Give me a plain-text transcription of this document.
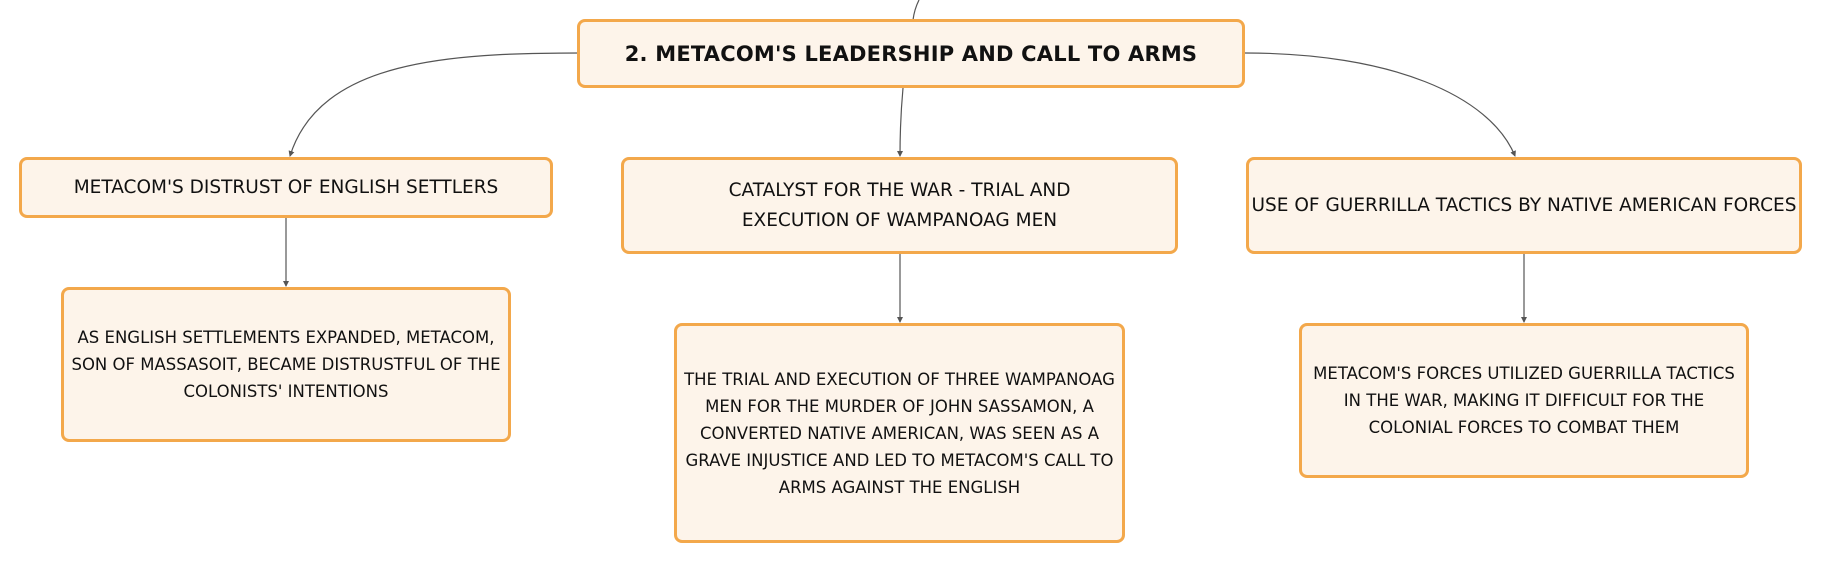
2. METACOM'S LEADERSHIP AND CALL TO ARMS
METACOM'S DISTRUST OF ENGLISH SETTLERS	CATALYST FOR THE WAR - TRIAL AND EXECUTION OF WAMPANOAG MEN
USE OF GUERRILLA TACTICS BY NATIVE AMERICAN FORCES
AS ENGLISH SETTLEMENTS EXPANDED, METACOM, SON OF MASSASOIT, BECAME DISTRUSTFUL OF THE COLONISTS' INTENTIONS
THE TRIAL AND EXECUTION OF THREE WAMPANOAG MEN FOR THE MURDER OF JOHN SASSAMON, A CONVERTED NATIVE AMERICAN, WAS SEEN AS A GRAVE INJUSTICE AND LED TO METACOM'S CALL TO ARMS AGAINST THE ENGLISH
METACOM'S FORCES UTILIZED GUERRILLA TACTICS IN THE WAR, MAKING IT DIFFICULT FOR THE COLONIAL FORCES TO COMBAT THEM
